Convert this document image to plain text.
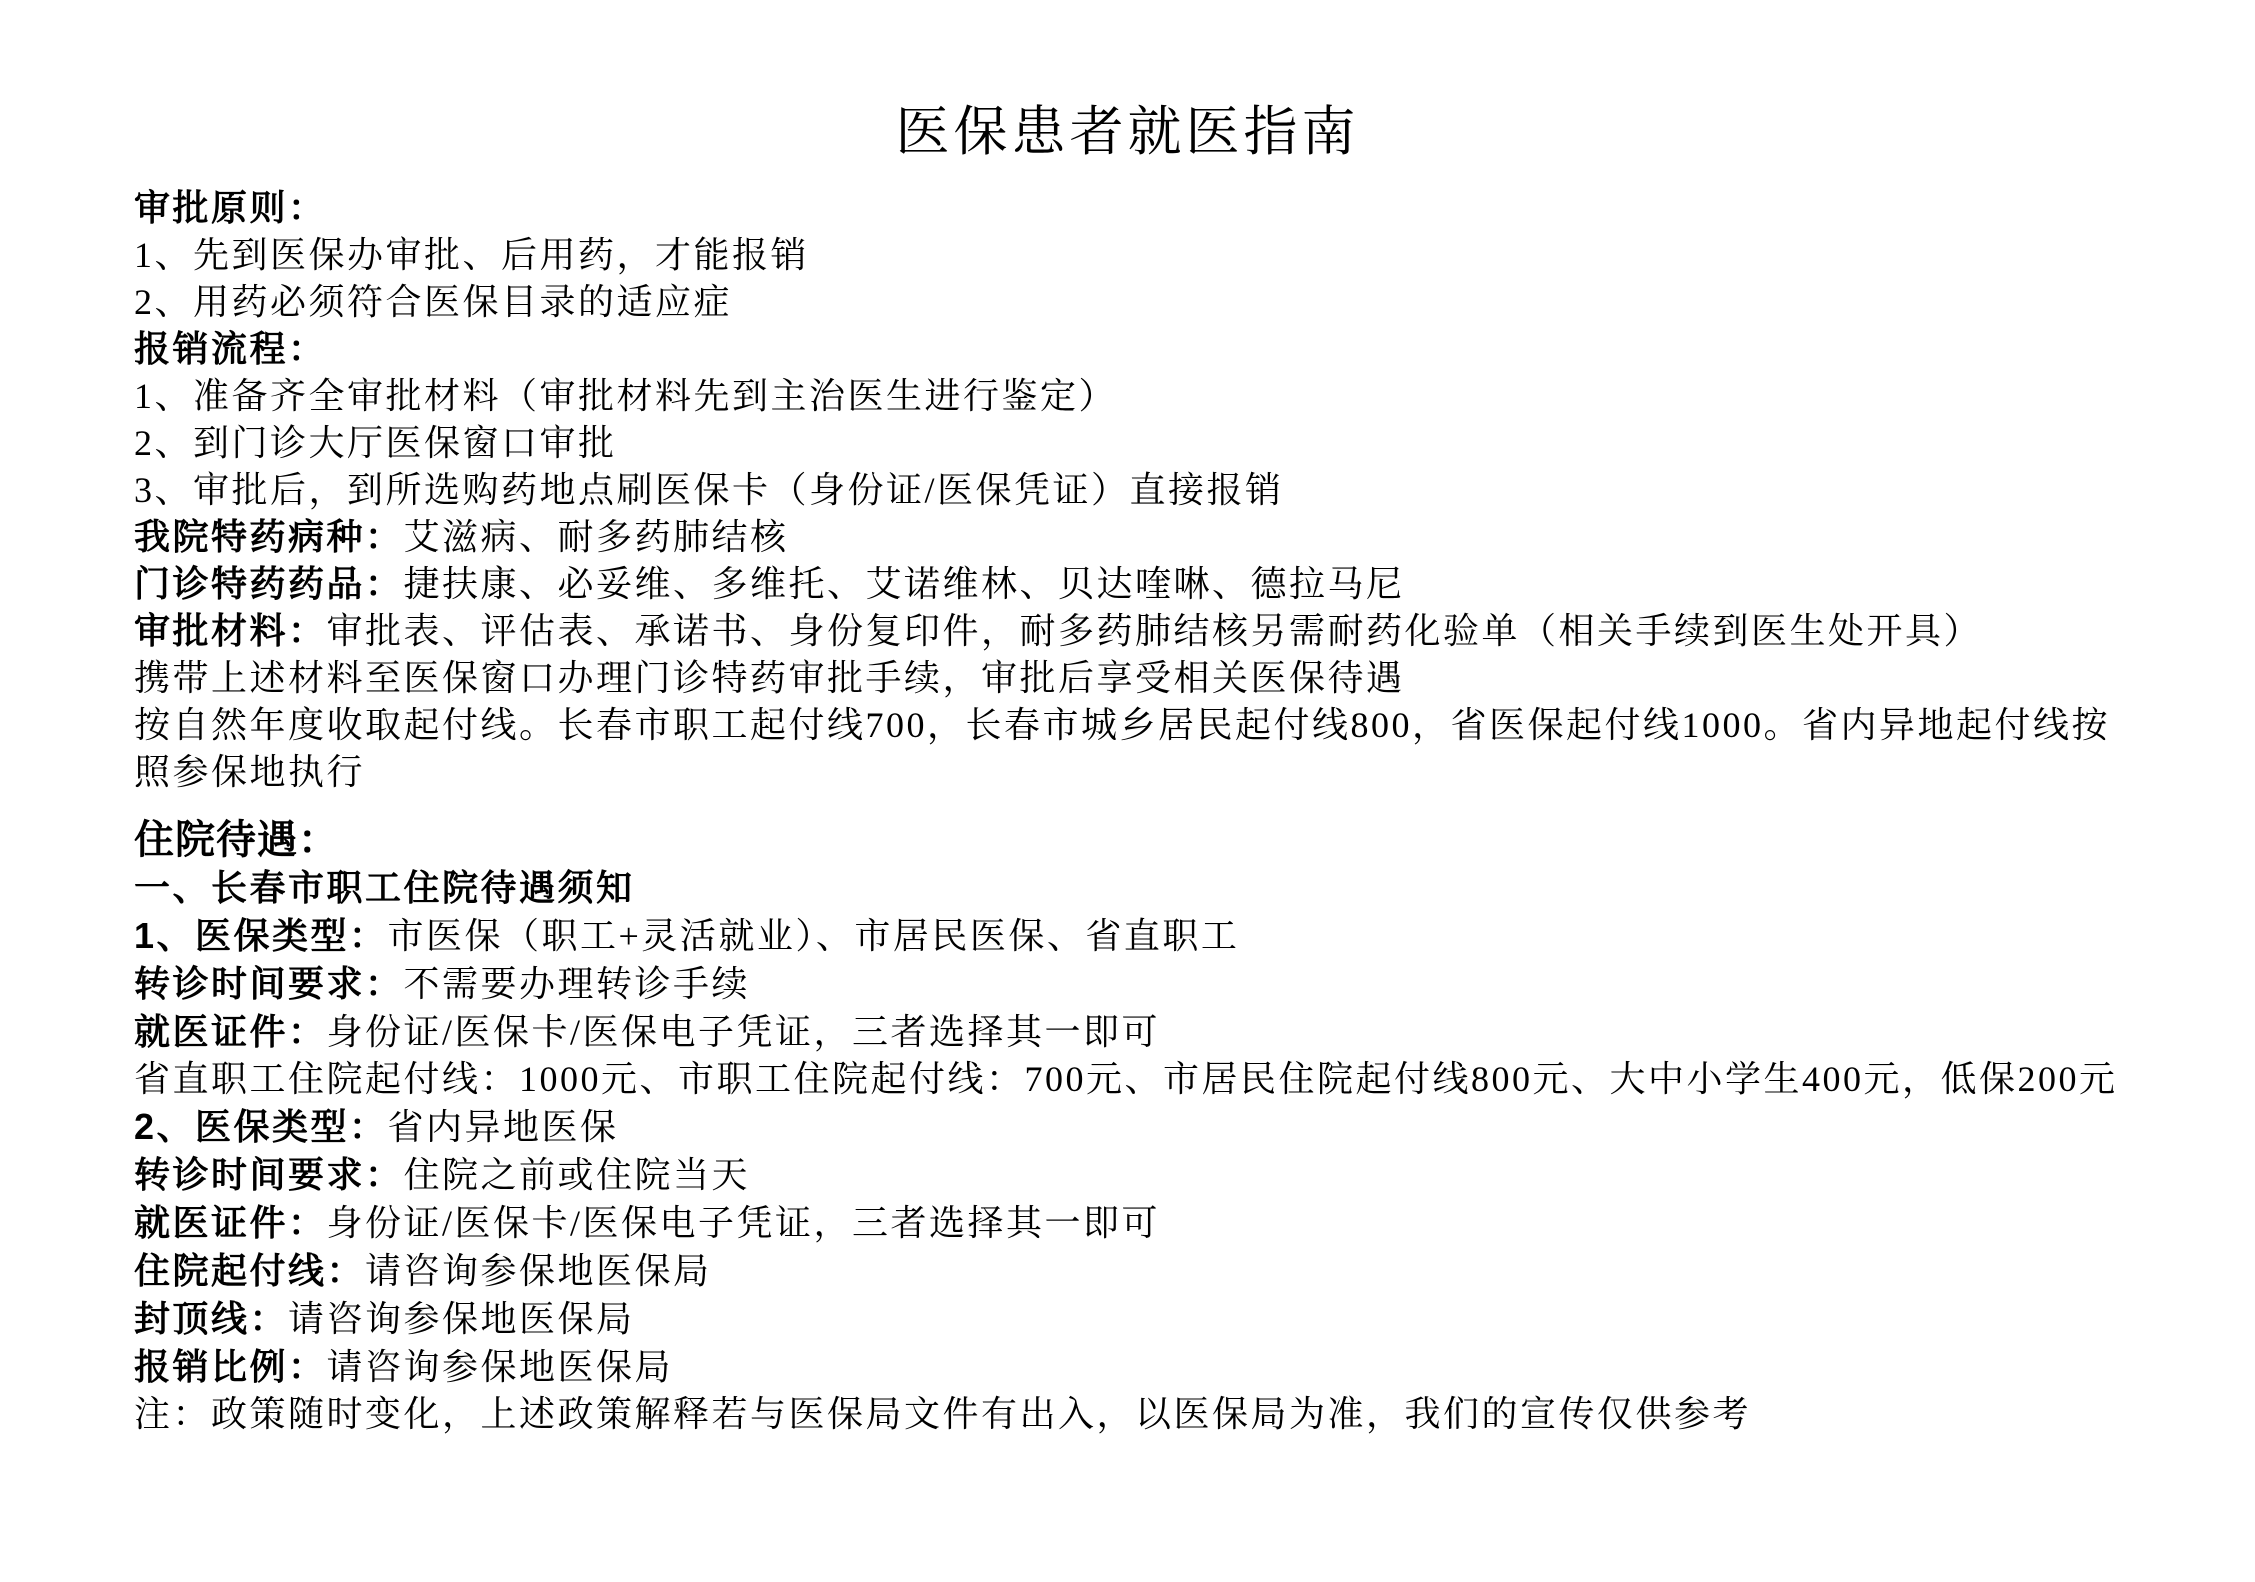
医保患者就医指南

审批原则：

1、先到医保办审批、后用药，才能报销

2、用药必须符合医保目录的适应症

报销流程：

1、准备齐全审批材料（审批材料先到主治医生进行鉴定）

2、到门诊大厅医保窗口审批

3、审批后，到所选购药地点刷医保卡（身份证/医保凭证）直接报销

我院特药病种：艾滋病、耐多药肺结核

门诊特药药品：捷扶康、必妥维、多维托、艾诺维林、贝达喹啉、德拉马尼

审批材料：审批表、评估表、承诺书、身份复印件，耐多药肺结核另需耐药化验单（相关手续到医生处开具）

携带上述材料至医保窗口办理门诊特药审批手续，审批后享受相关医保待遇

按自然年度收取起付线。长春市职工起付线700，长春市城乡居民起付线800，省医保起付线1000。省内异地起付线按

照参保地执行

住院待遇：

一、长春市职工住院待遇须知

1、医保类型：市医保（职工+灵活就业）、市居民医保、省直职工

转诊时间要求：不需要办理转诊手续

就医证件：身份证/医保卡/医保电子凭证，三者选择其一即可

省直职工住院起付线：1000元、市职工住院起付线：700元、市居民住院起付线800元、大中小学生400元，低保200元

2、医保类型：省内异地医保

转诊时间要求：住院之前或住院当天

就医证件：身份证/医保卡/医保电子凭证，三者选择其一即可

住院起付线：请咨询参保地医保局

封顶线：请咨询参保地医保局

报销比例：请咨询参保地医保局

注：政策随时变化，上述政策解释若与医保局文件有出入，以医保局为准，我们的宣传仅供参考
